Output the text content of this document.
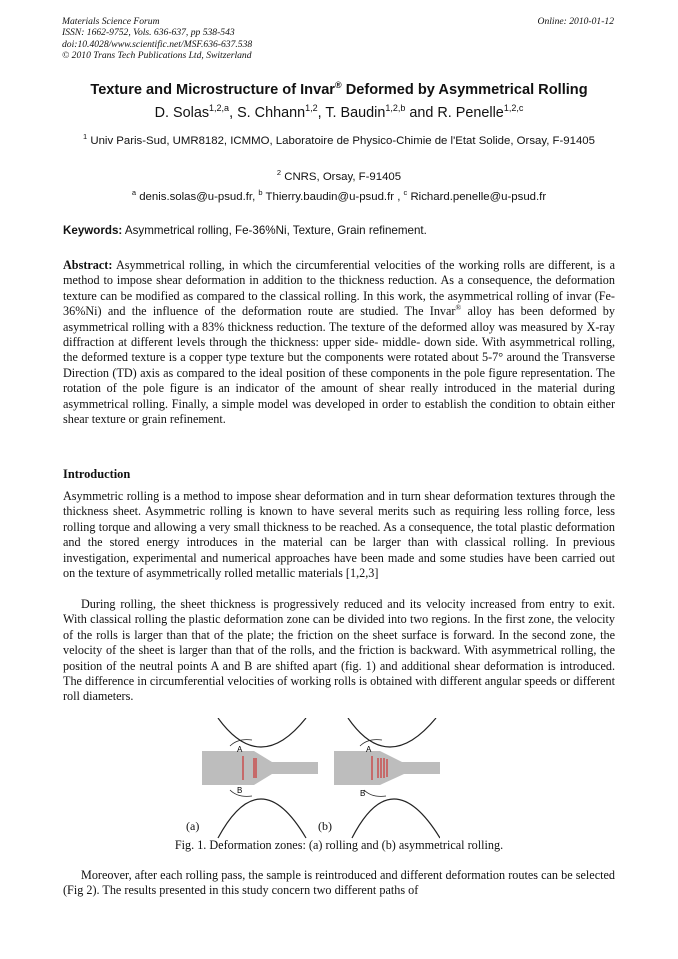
Materials Science Forum
ISSN: 1662-9752, Vols. 636-637, pp 538-543
doi:10.4028/www.scientific.net/MSF.636-637.538
© 2010 Trans Tech Publications Ltd, Switzerland
Online: 2010-01-12
Texture and Microstructure of Invar® Deformed by Asymmetrical Rolling
D. Solas$^{1,2,a}$, S. Chhann$^{1,2}$, T. Baudin$^{1,2,b}$ and R. Penelle$^{1,2,c}$
$^1$ Univ Paris-Sud, UMR8182, ICMMO, Laboratoire de Physico-Chimie de l'Etat Solide, Orsay, F-91405
$^2$ CNRS, Orsay, F-91405
$^a$ denis.solas@u-psud.fr, $^b$ Thierry.baudin@u-psud.fr , $^c$ Richard.penelle@u-psud.fr
Keywords: Asymmetrical rolling, Fe-36%Ni, Texture, Grain refinement.
Abstract: Asymmetrical rolling, in which the circumferential velocities of the working rolls are different, is a method to impose shear deformation in addition to the thickness reduction. As a consequence, the deformation texture can be modified as compared to the classical rolling. In this work, the asymmetrical rolling of invar (Fe-36%Ni) and the influence of the deformation route are studied. The Invar® alloy has been deformed by asymmetrical rolling with a 83% thickness reduction. The texture of the deformed alloy was measured by X-ray diffraction at different levels through the thickness: upper side- middle- down side. With asymmetrical rolling, the deformed texture is a copper type texture but the components were rotated about 5-7° around the Transverse Direction (TD) axis as compared to the ideal position of these components in the pole figure representation. The rotation of the pole figure is an indicator of the amount of shear really introduced in the material during asymmetrical rolling. Finally, a simple model was developed in order to establish the condition to obtain either shear texture or grain refinement.
Introduction
Asymmetric rolling is a method to impose shear deformation and in turn shear deformation textures through the thickness sheet. Asymmetric rolling is known to have several merits such as requiring less rolling force, less rolling torque and allowing a very small thickness to be reached. As a consequence, the total plastic deformation and the stored energy introduces in the material can be larger than with classical rolling. In previous investigation, experimental and numerical approaches have been made and some studies have been carried out on the texture of asymmetrically rolled metallic materials [1,2,3]
During rolling, the sheet thickness is progressively reduced and its velocity increased from entry to exit. With classical rolling the plastic deformation zone can be divided into two regions. In the first zone, the velocity of the rolls is larger than that of the plate; the friction on the sheet surface is forward. In the second zone, the velocity of the sheet is larger than that of the rolls, and the friction is backward. With asymmetrical rolling, the position of the neutral points A and B are shifted apart (fig. 1) and additional shear deformation is introduced. The difference in circumferential velocities of working rolls is obtained with different angular speeds or different roll diameters.
A
B
A
B
(a)	(b)
Fig. 1. Deformation zones: (a) rolling and (b) asymmetrical rolling.
Moreover, after each rolling pass, the sample is reintroduced and different deformation routes can be selected (Fig 2). The results presented in this study concern two different paths of
